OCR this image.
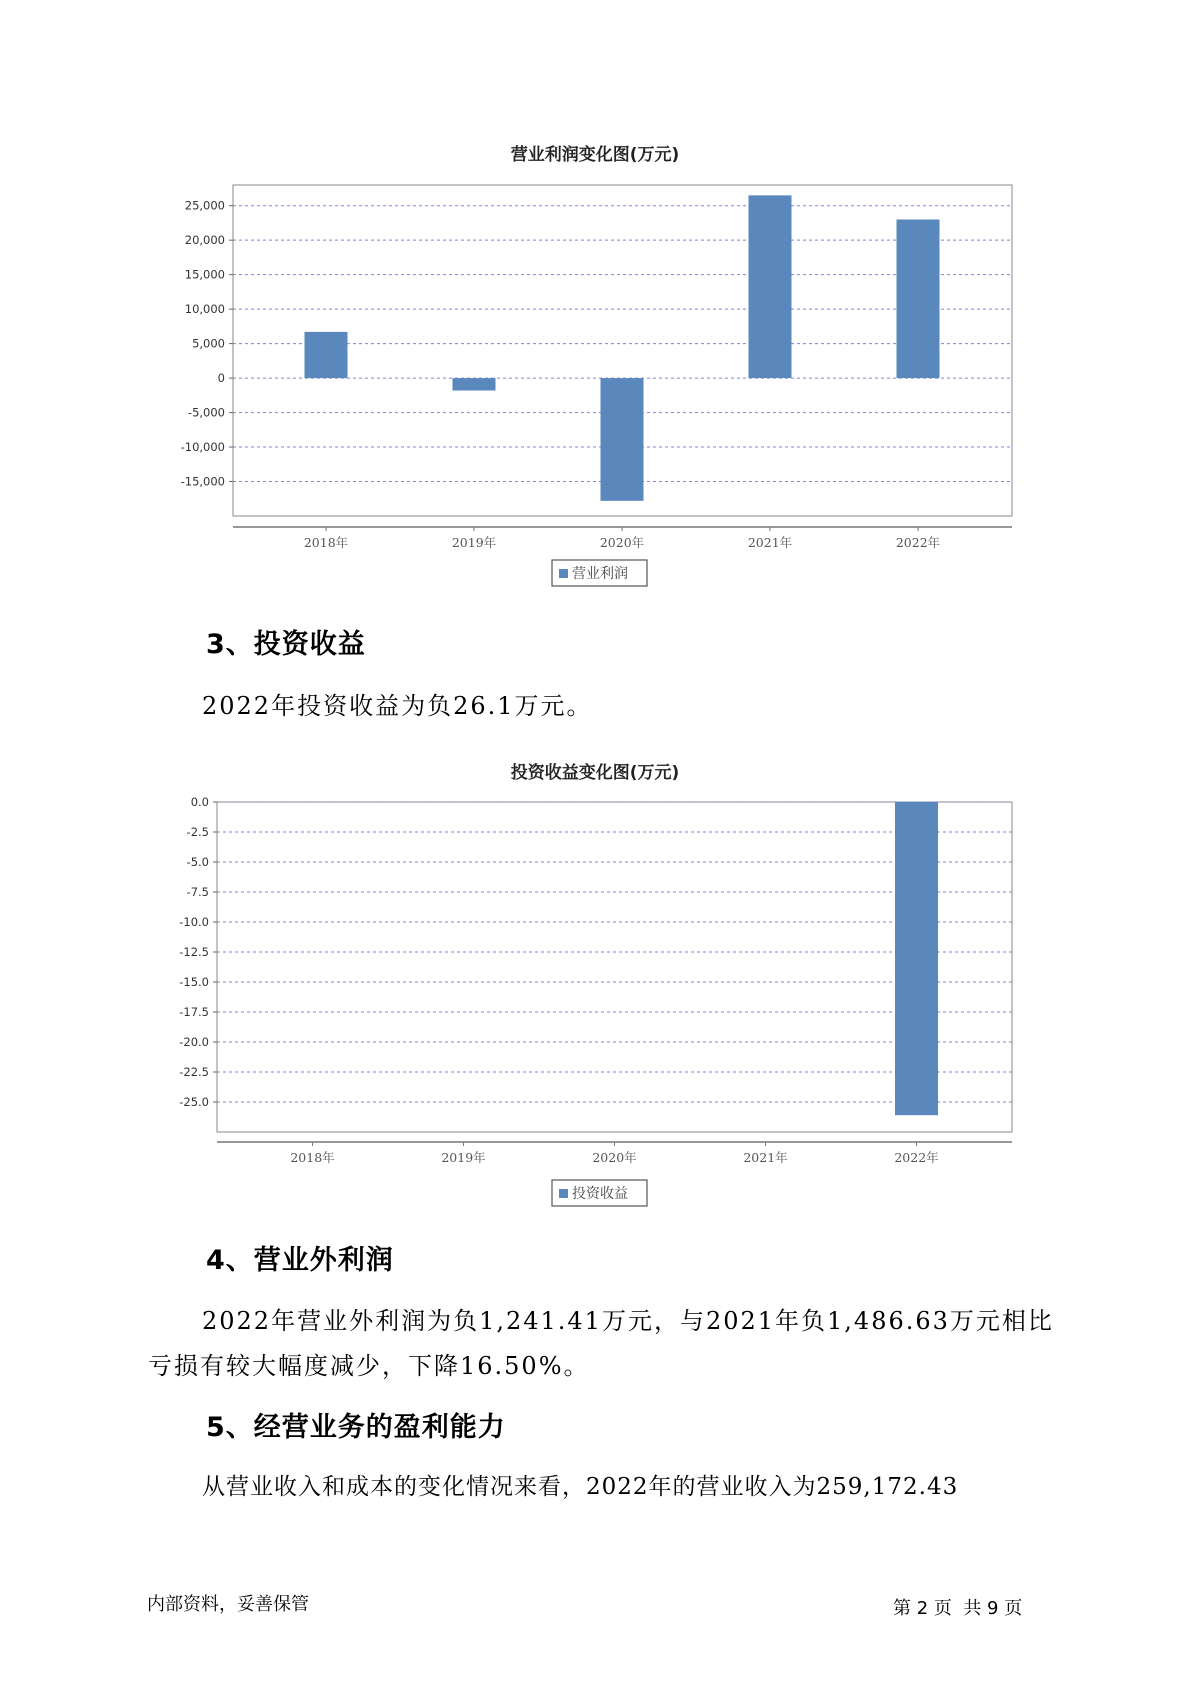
营业利润变化图(万元)
25,000
20,000
15,000
10,000
5,000
0
-5,000
-10,000
-15,000
2018年	2019年	2020年	2021年	2022年
营业利润
3、投资收益

2022年投资收益为负26.1万元。

投资收益变化图(万元)
0.0
-2.5
-5.0
-7.5
-10.0
-12.5
-15.0
-17.5
-20.0
-22.5
-25.0
2018年	2019年	2020年	2021年	2022年
投资收益
4、营业外利润

2022年营业外利润为负1,241.41万元，与2021年负1,486.63万元相比

亏损有较大幅度减少，下降16.50%。

5、经营业务的盈利能力

从营业收入和成本的变化情况来看，2022年的营业收入为259,172.43

内部资料，妥善保管	第 2 页  共 9 页
